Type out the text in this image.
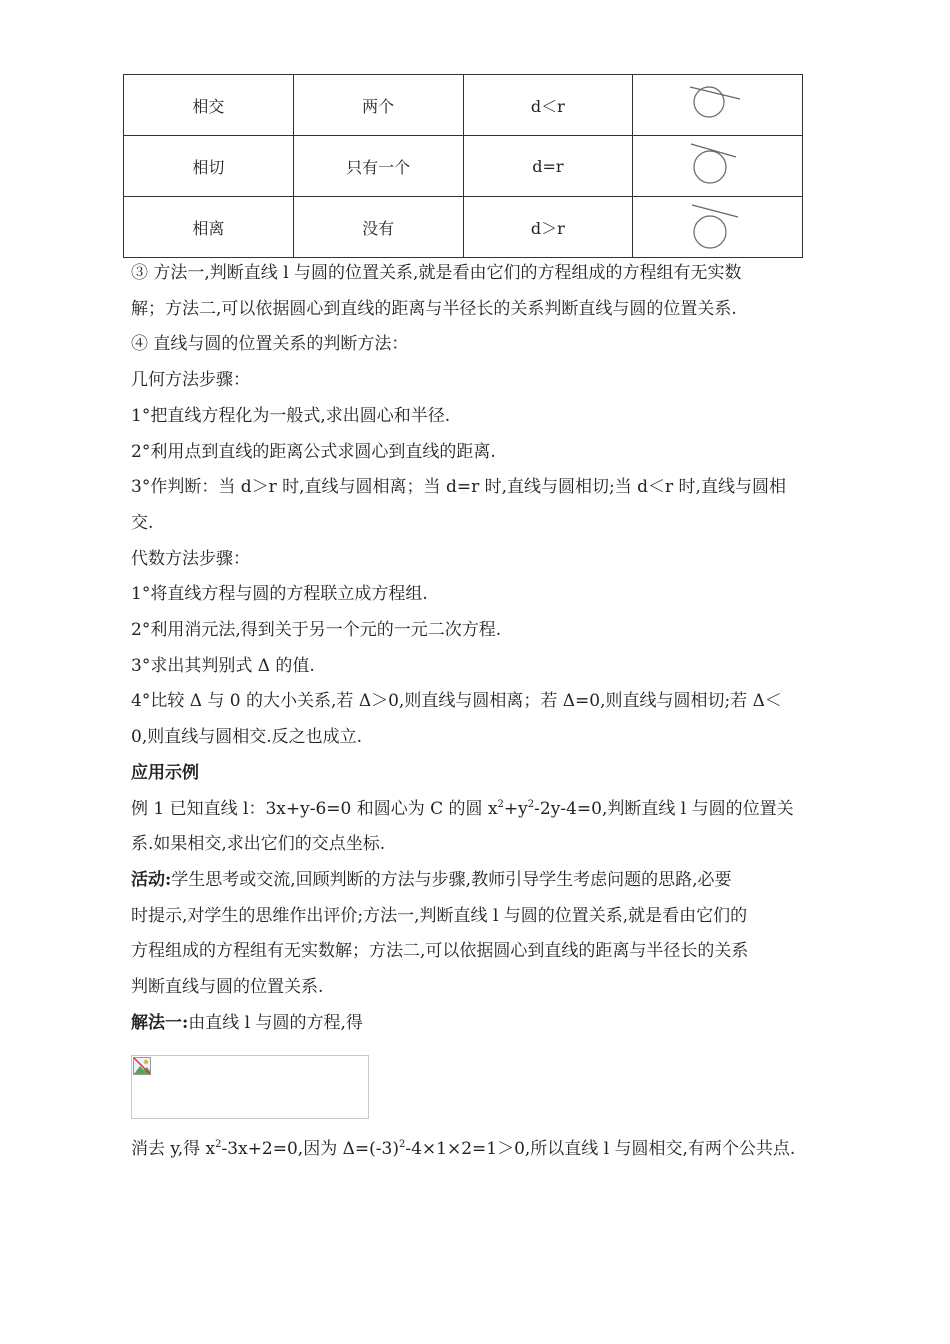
相交	两个	d＜r	

相切	只有一个	d=r	

相离	没有	d＞r	

③ 方法一,判断直线 l 与圆的位置关系,就是看由它们的方程组成的方程组有无实数

解；方法二,可以依据圆心到直线的距离与半径长的关系判断直线与圆的位置关系.

④ 直线与圆的位置关系的判断方法：

几何方法步骤：

1°把直线方程化为一般式,求出圆心和半径.

2°利用点到直线的距离公式求圆心到直线的距离.

3°作判断：当 d＞r 时,直线与圆相离；当 d=r 时,直线与圆相切;当 d＜r 时,直线与圆相

交.

代数方法步骤：

1°将直线方程与圆的方程联立成方程组.

2°利用消元法,得到关于另一个元的一元二次方程.

3°求出其判别式 Δ 的值.

4°比较 Δ 与 0 的大小关系,若 Δ＞0,则直线与圆相离；若 Δ=0,则直线与圆相切;若 Δ＜

0,则直线与圆相交.反之也成立.

应用示例

例 1 已知直线 l：3x+y-6=0 和圆心为 C 的圆 $x^2+y^2-2y-4=0$,判断直线 l 与圆的位置关

系.如果相交,求出它们的交点坐标.

活动:学生思考或交流,回顾判断的方法与步骤,教师引导学生考虑问题的思路,必要

时提示,对学生的思维作出评价;方法一,判断直线 l 与圆的位置关系,就是看由它们的

方程组成的方程组有无实数解；方法二,可以依据圆心到直线的距离与半径长的关系

判断直线与圆的位置关系.

解法一:由直线 l 与圆的方程,得

消去 y,得 $x^2-3x+2=0$,因为 $\Delta=(-3)^2-4\times 1\times 2=1>0$,所以直线 l 与圆相交,有两个公共点.
